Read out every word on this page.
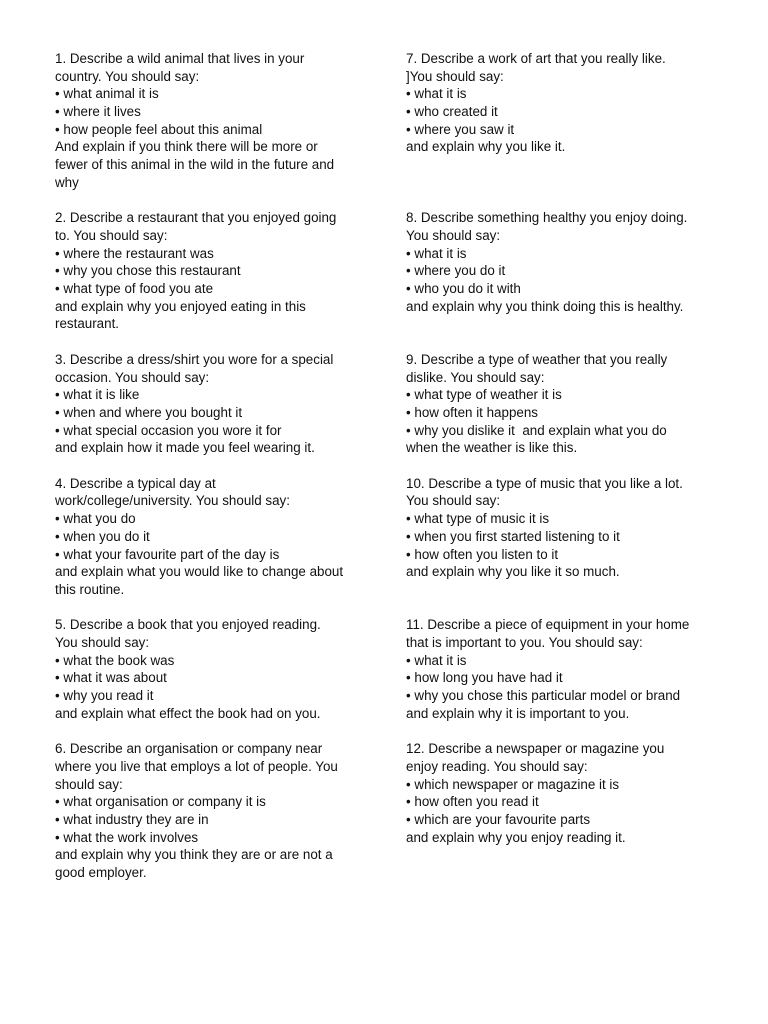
1. Describe a wild animal that lives in your
country. You should say:
• what animal it is
• where it lives
• how people feel about this animal
And explain if you think there will be more or
fewer of this animal in the wild in the future and
why
2. Describe a restaurant that you enjoyed going
to. You should say:
• where the restaurant was
• why you chose this restaurant
• what type of food you ate
and explain why you enjoyed eating in this
restaurant.
3. Describe a dress/shirt you wore for a special
occasion. You should say:
• what it is like
• when and where you bought it
• what special occasion you wore it for
and explain how it made you feel wearing it.
4. Describe a typical day at
work/college/university. You should say:
• what you do
• when you do it
• what your favourite part of the day is
and explain what you would like to change about
this routine.
5. Describe a book that you enjoyed reading.
You should say:
• what the book was
• what it was about
• why you read it
and explain what effect the book had on you.
6. Describe an organisation or company near
where you live that employs a lot of people. You
should say:
• what organisation or company it is
• what industry they are in
• what the work involves
and explain why you think they are or are not a
good employer.
7. Describe a work of art that you really like.
]You should say:
• what it is
• who created it
• where you saw it
and explain why you like it.
8. Describe something healthy you enjoy doing.
You should say:
• what it is
• where you do it
• who you do it with
and explain why you think doing this is healthy.
9. Describe a type of weather that you really
dislike. You should say:
• what type of weather it is
• how often it happens
• why you dislike it  and explain what you do
when the weather is like this.
10. Describe a type of music that you like a lot.
You should say:
• what type of music it is
• when you first started listening to it
• how often you listen to it
and explain why you like it so much.
11. Describe a piece of equipment in your home
that is important to you. You should say:
• what it is
• how long you have had it
• why you chose this particular model or brand
and explain why it is important to you.
12. Describe a newspaper or magazine you
enjoy reading. You should say:
• which newspaper or magazine it is
• how often you read it
• which are your favourite parts
and explain why you enjoy reading it.
